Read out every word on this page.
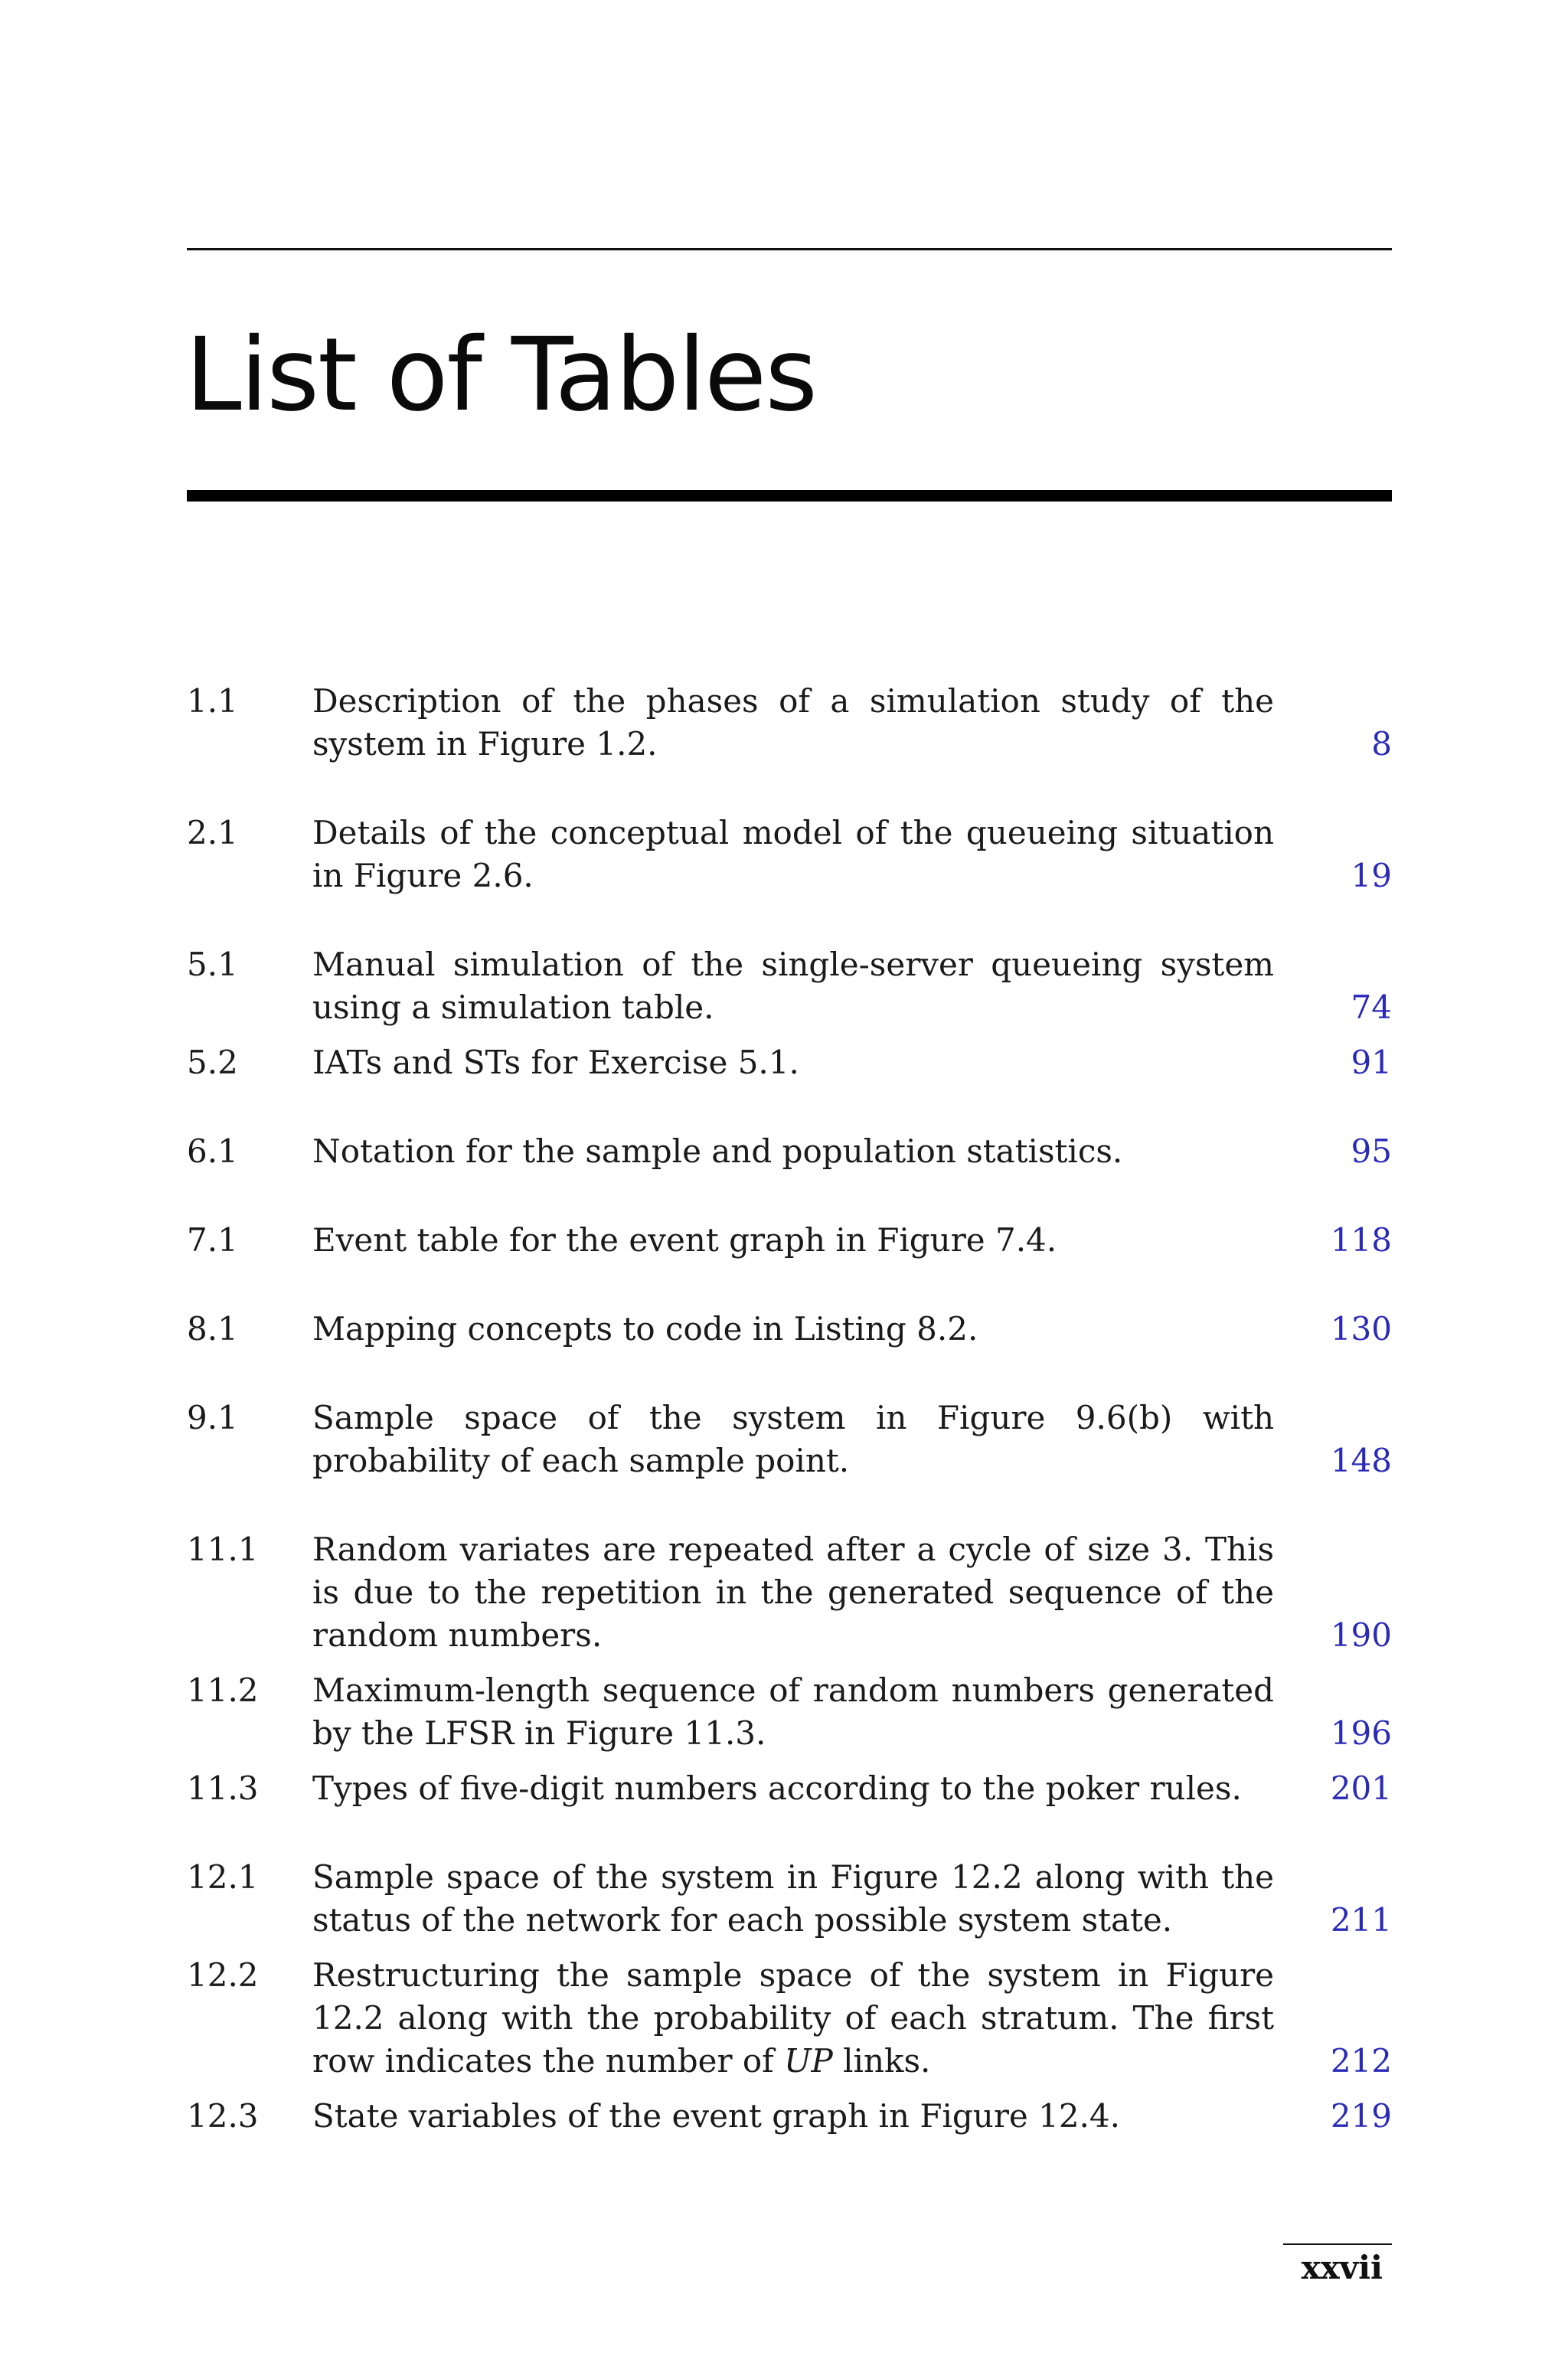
List of Tables
1.1	Description of the phases of a simulation study of the system in Figure 1.2.	8
2.1	Details of the conceptual model of the queueing situation in Figure 2.6.	19
5.1	Manual simulation of the single-server queueing system using a simulation table.	74
5.2	IATs and STs for Exercise 5.1.	91
6.1	Notation for the sample and population statistics.	95
7.1	Event table for the event graph in Figure 7.4.	118
8.1	Mapping concepts to code in Listing 8.2.	130
9.1	Sample space of the system in Figure 9.6(b) with probability of each sample point.	148
11.1	Random variates are repeated after a cycle of size 3. This is due to the repetition in the generated sequence of the random numbers.	190
11.2	Maximum-length sequence of random numbers generated by the LFSR in Figure 11.3.	196
11.3	Types of five-digit numbers according to the poker rules.	201
12.1	Sample space of the system in Figure 12.2 along with the status of the network for each possible system state.	211
12.2	Restructuring the sample space of the system in Figure 12.2 along with the probability of each stratum. The first row indicates the number of UP links.	212
12.3	State variables of the event graph in Figure 12.4.	219
xxvii
